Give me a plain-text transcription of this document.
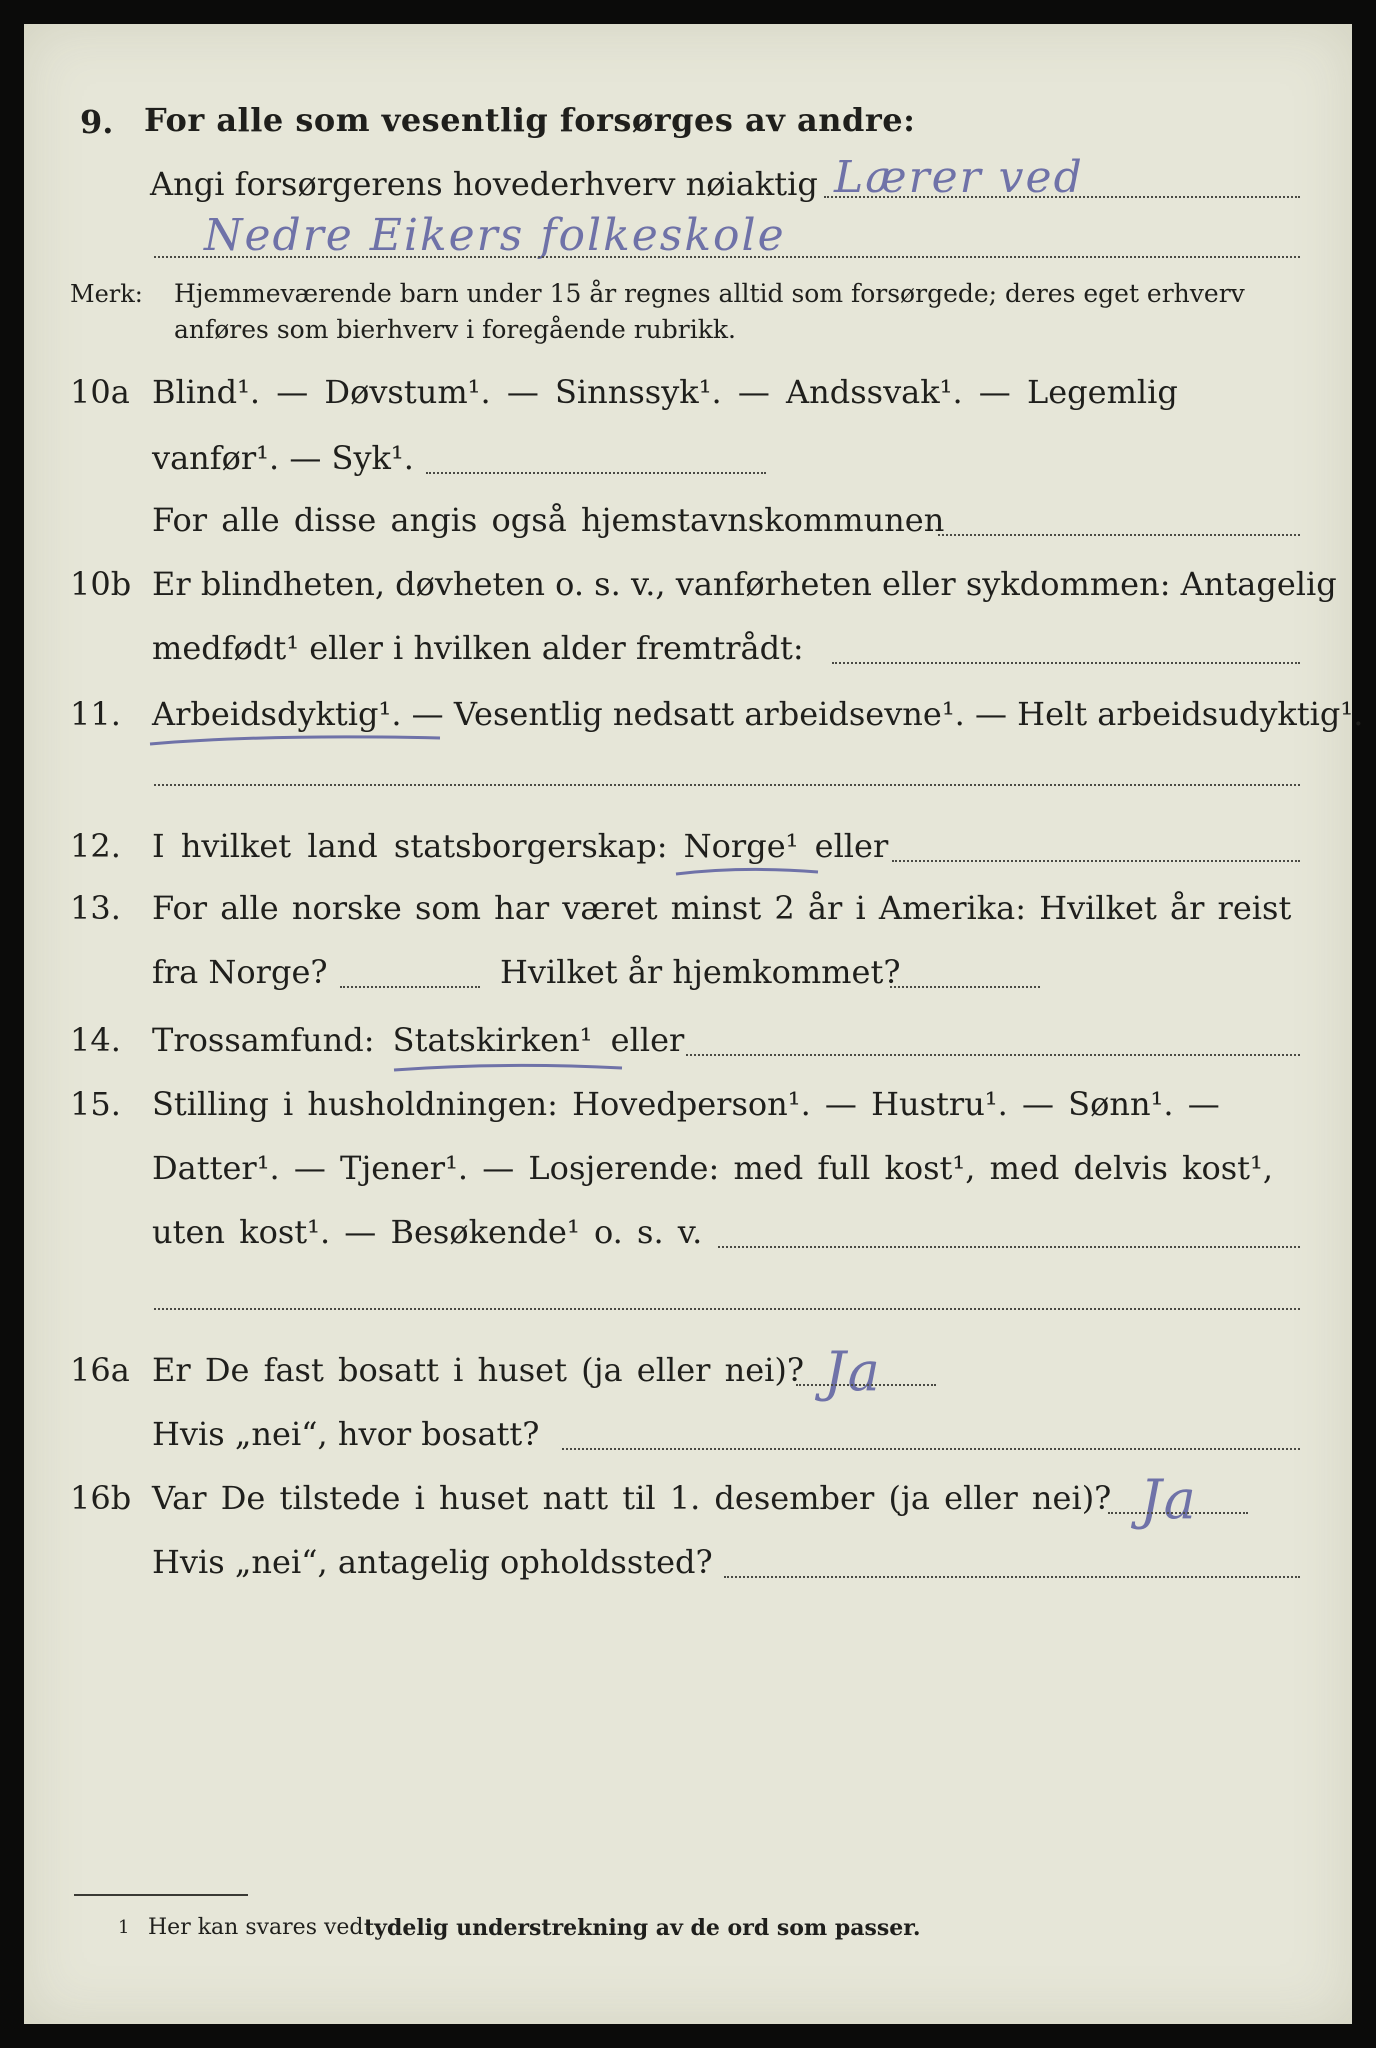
9. For alle som vesentlig forsørges av andre:
Angi forsørgerens hovederhverv nøiaktig Lærer ved
Nedre Eikers folkeskole
Merk: Hjemmeværende barn under 15 år regnes alltid som forsørgede; deres eget erhverv
anføres som bierhverv i foregående rubrikk.
10a Blind¹. — Døvstum¹. — Sinnssyk¹. — Andssvak¹. — Legemlig
vanfør¹. — Syk¹.
For alle disse angis også hjemstavnskommunen
10b Er blindheten, døvheten o. s. v., vanførheten eller sykdommen: Antagelig
medfødt¹ eller i hvilken alder fremtrådt:
11. Arbeidsdyktig¹. — Vesentlig nedsatt arbeidsevne¹. — Helt arbeidsudyktig¹.
12. I hvilket land statsborgerskap: Norge¹ eller
13. For alle norske som har været minst 2 år i Amerika: Hvilket år reist
fra Norge?	Hvilket år hjemkommet?
14. Trossamfund: Statskirken¹ eller
15. Stilling i husholdningen: Hovedperson¹. — Hustru¹. — Sønn¹. —
Datter¹. — Tjener¹. — Losjerende: med full kost¹, med delvis kost¹,
uten kost¹. — Besøkende¹ o. s. v.
16a Er De fast bosatt i huset (ja eller nei)? Ja
Hvis „nei“, hvor bosatt?
16b Var De tilstede i huset natt til 1. desember (ja eller nei)? Ja
Hvis „nei“, antagelig opholdssted?
1 Her kan svares ved tydelig understrekning av de ord som passer.
